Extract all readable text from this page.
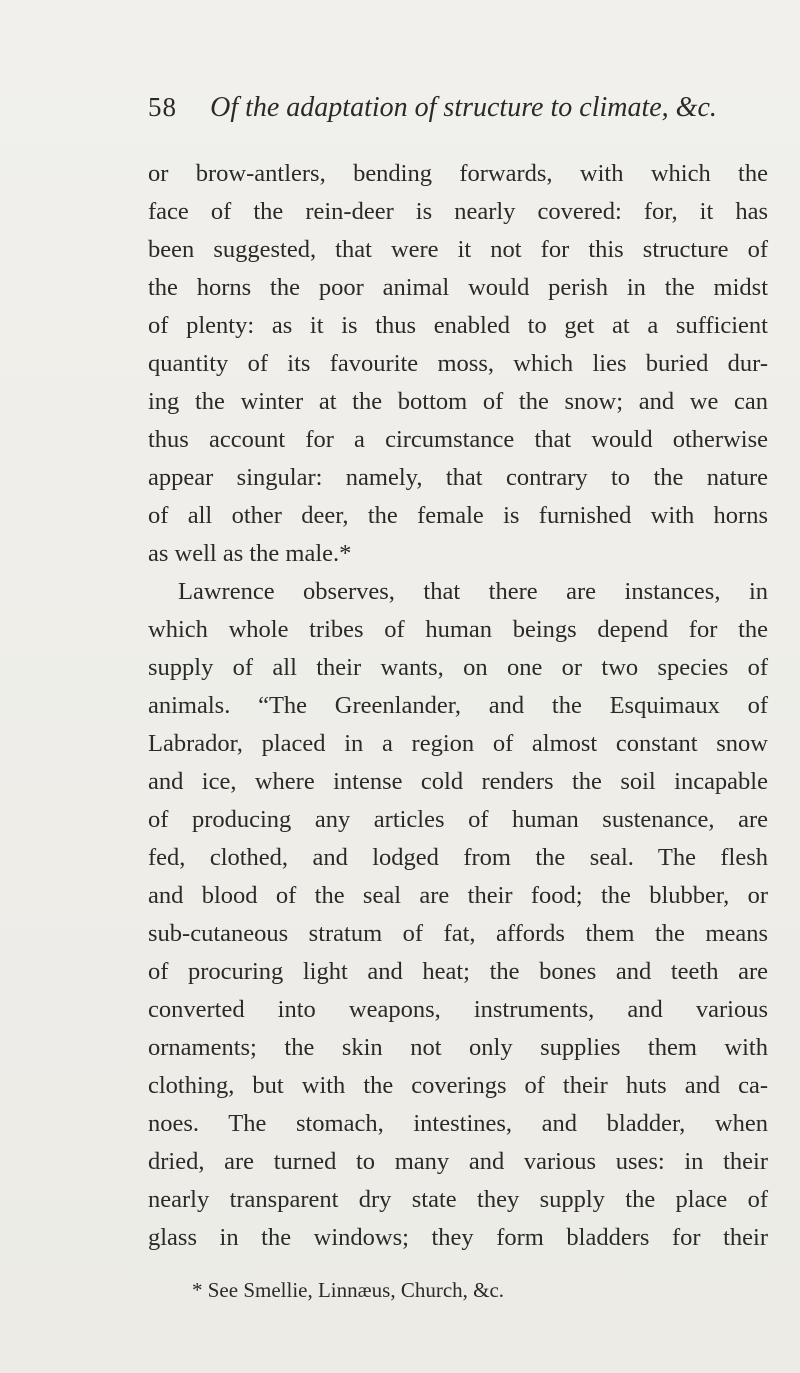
58 Of the adaptation of structure to climate, &c.
or brow-antlers, bending forwards, with which the
face of the rein-deer is nearly covered: for, it has
been suggested, that were it not for this structure of
the horns the poor animal would perish in the midst
of plenty: as it is thus enabled to get at a sufficient
quantity of its favourite moss, which lies buried dur-
ing the winter at the bottom of the snow; and we can
thus account for a circumstance that would otherwise
appear singular: namely, that contrary to the nature
of all other deer, the female is furnished with horns
as well as the male.*
Lawrence observes, that there are instances, in
which whole tribes of human beings depend for the
supply of all their wants, on one or two species of
animals. “The Greenlander, and the Esquimaux of
Labrador, placed in a region of almost constant snow
and ice, where intense cold renders the soil incapable
of producing any articles of human sustenance, are
fed, clothed, and lodged from the seal. The flesh
and blood of the seal are their food; the blubber, or
sub-cutaneous stratum of fat, affords them the means
of procuring light and heat; the bones and teeth are
converted into weapons, instruments, and various
ornaments; the skin not only supplies them with
clothing, but with the coverings of their huts and ca-
noes. The stomach, intestines, and bladder, when
dried, are turned to many and various uses: in their
nearly transparent dry state they supply the place of
glass in the windows; they form bladders for their
* See Smellie, Linnæus, Church, &c.
